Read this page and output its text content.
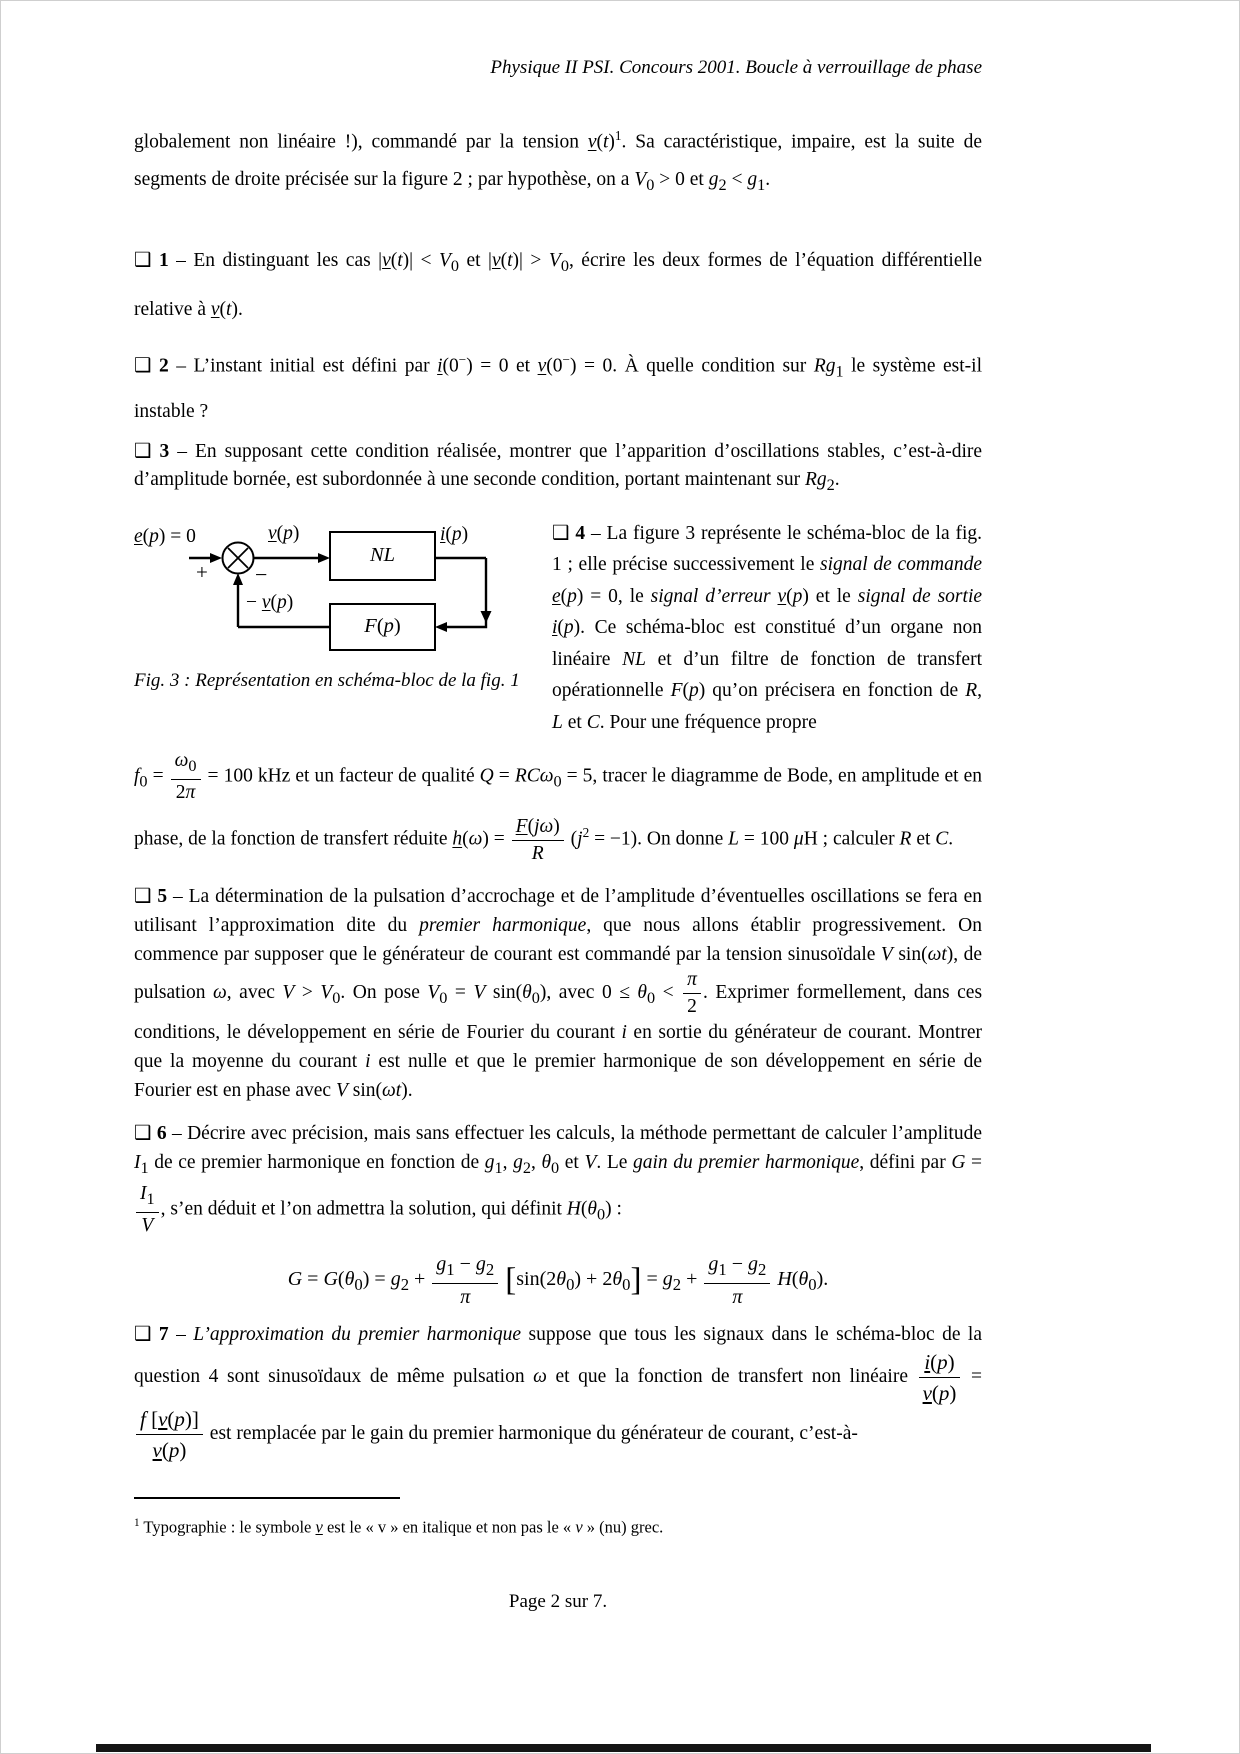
Physique II PSI. Concours 2001. Boucle à verrouillage de phase

globalement non linéaire !), commandé par la tension $v(t)^1$. Sa caractéristique, impaire, est la suite de segments de droite précisée sur la figure 2 ; par hypothèse, on a $V_0 > 0$ et $g_2 < g_1$.

❑ 1 – En distinguant les cas $|v(t)| < V_0$ et $|v(t)| > V_0$, écrire les deux formes de l’équation différentielle relative à v(t).

❑ 2 – L’instant initial est défini par i(0−) = 0 et v(0−) = 0. À quelle condition sur $Rg_1$ le système est-il instable ?

❑ 3 – En supposant cette condition réalisée, montrer que l’apparition d’oscillations stables, c’est-à-dire d’amplitude bornée, est subordonnée à une seconde condition, portant maintenant sur $Rg_2$.

e(p) = 0
+ −
v(p)	i(p)
− v(p)
NL
F ( p )
Fig. 3 : Représentation en schéma-bloc de la fig. 1

❑ 4 – La figure 3 représente le schéma-bloc de la fig. 1 ; elle précise successivement le signal de commande e(p) = 0, le signal d’erreur v(p) et le signal de sortie i(p). Ce schéma-bloc est constitué d’un organe non linéaire NL et d’un filtre de fonction de transfert opérationnelle F(p) qu’on précisera en fonction de R, L et C. Pour une fréquence propre

$f_0 = \frac{\omega_0}{2\pi} = 100$ kHz et un facteur de qualité Q = RCω$_0$ = 5, tracer le diagramme de Bode, en amplitude et en phase, de la fonction de transfert réduite $h(\omega) = \frac{F(j\omega)}{R} (j^2 = -1)$. On donne L = 100 μH ; calculer R et C.

❑ 5 – La détermination de la pulsation d’accrochage et de l’amplitude d’éventuelles oscillations se fera en utilisant l’approximation dite du premier harmonique, que nous allons établir progressivement. On commence par supposer que le générateur de courant est commandé par la tension sinusoïdale V sin(ωt), de pulsation ω, avec $V > V_0$. On pose $V_0 = V$ $\sin(\theta_0)$, avec $0 \le \theta_0 < \frac{\pi}{2}$ . Exprimer formellement, dans ces conditions, le développement en série de Fourier du courant i en sortie du générateur de courant. Montrer que la moyenne du courant i est nulle et que le premier harmonique de son développement en série de Fourier est en phase avec V sin(ωt).

❑ 6 – Décrire avec précision, mais sans effectuer les calculs, la méthode permettant de calculer l’amplitude $I_1$ de ce premier harmonique en fonction de $g_1$, $g_2$, $\theta_0$ et V. Le gain du premier harmonique, défini par G =
$\frac{I_1}{V}$ , s’en déduit et l’on admettra la solution, qui définit $H(\theta_0)$ :

$G = G(\theta_0) = g_2 + \frac{g_1 - g_2}{\pi} [\sin(2\theta_0) + 2\theta_0] = g_2 + \frac{g_1 - g_2}{\pi} H(\theta_0)$.

❑ 7 – L’approximation du premier harmonique suppose que tous les signaux dans le schéma-bloc de la question 4 sont sinusoïdaux de même pulsation ω et que la fonction de transfert non linéaire $\frac{i(p)}{v(p)}$ =
$\frac{f [v(p)]}{v(p)}$ est remplacée par le gain du premier harmonique du générateur de courant, c’est-à-

$^1$ Typographie : le symbole v est le « v » en italique et non pas le « ν » (nu) grec.

Page 2 sur 7.
